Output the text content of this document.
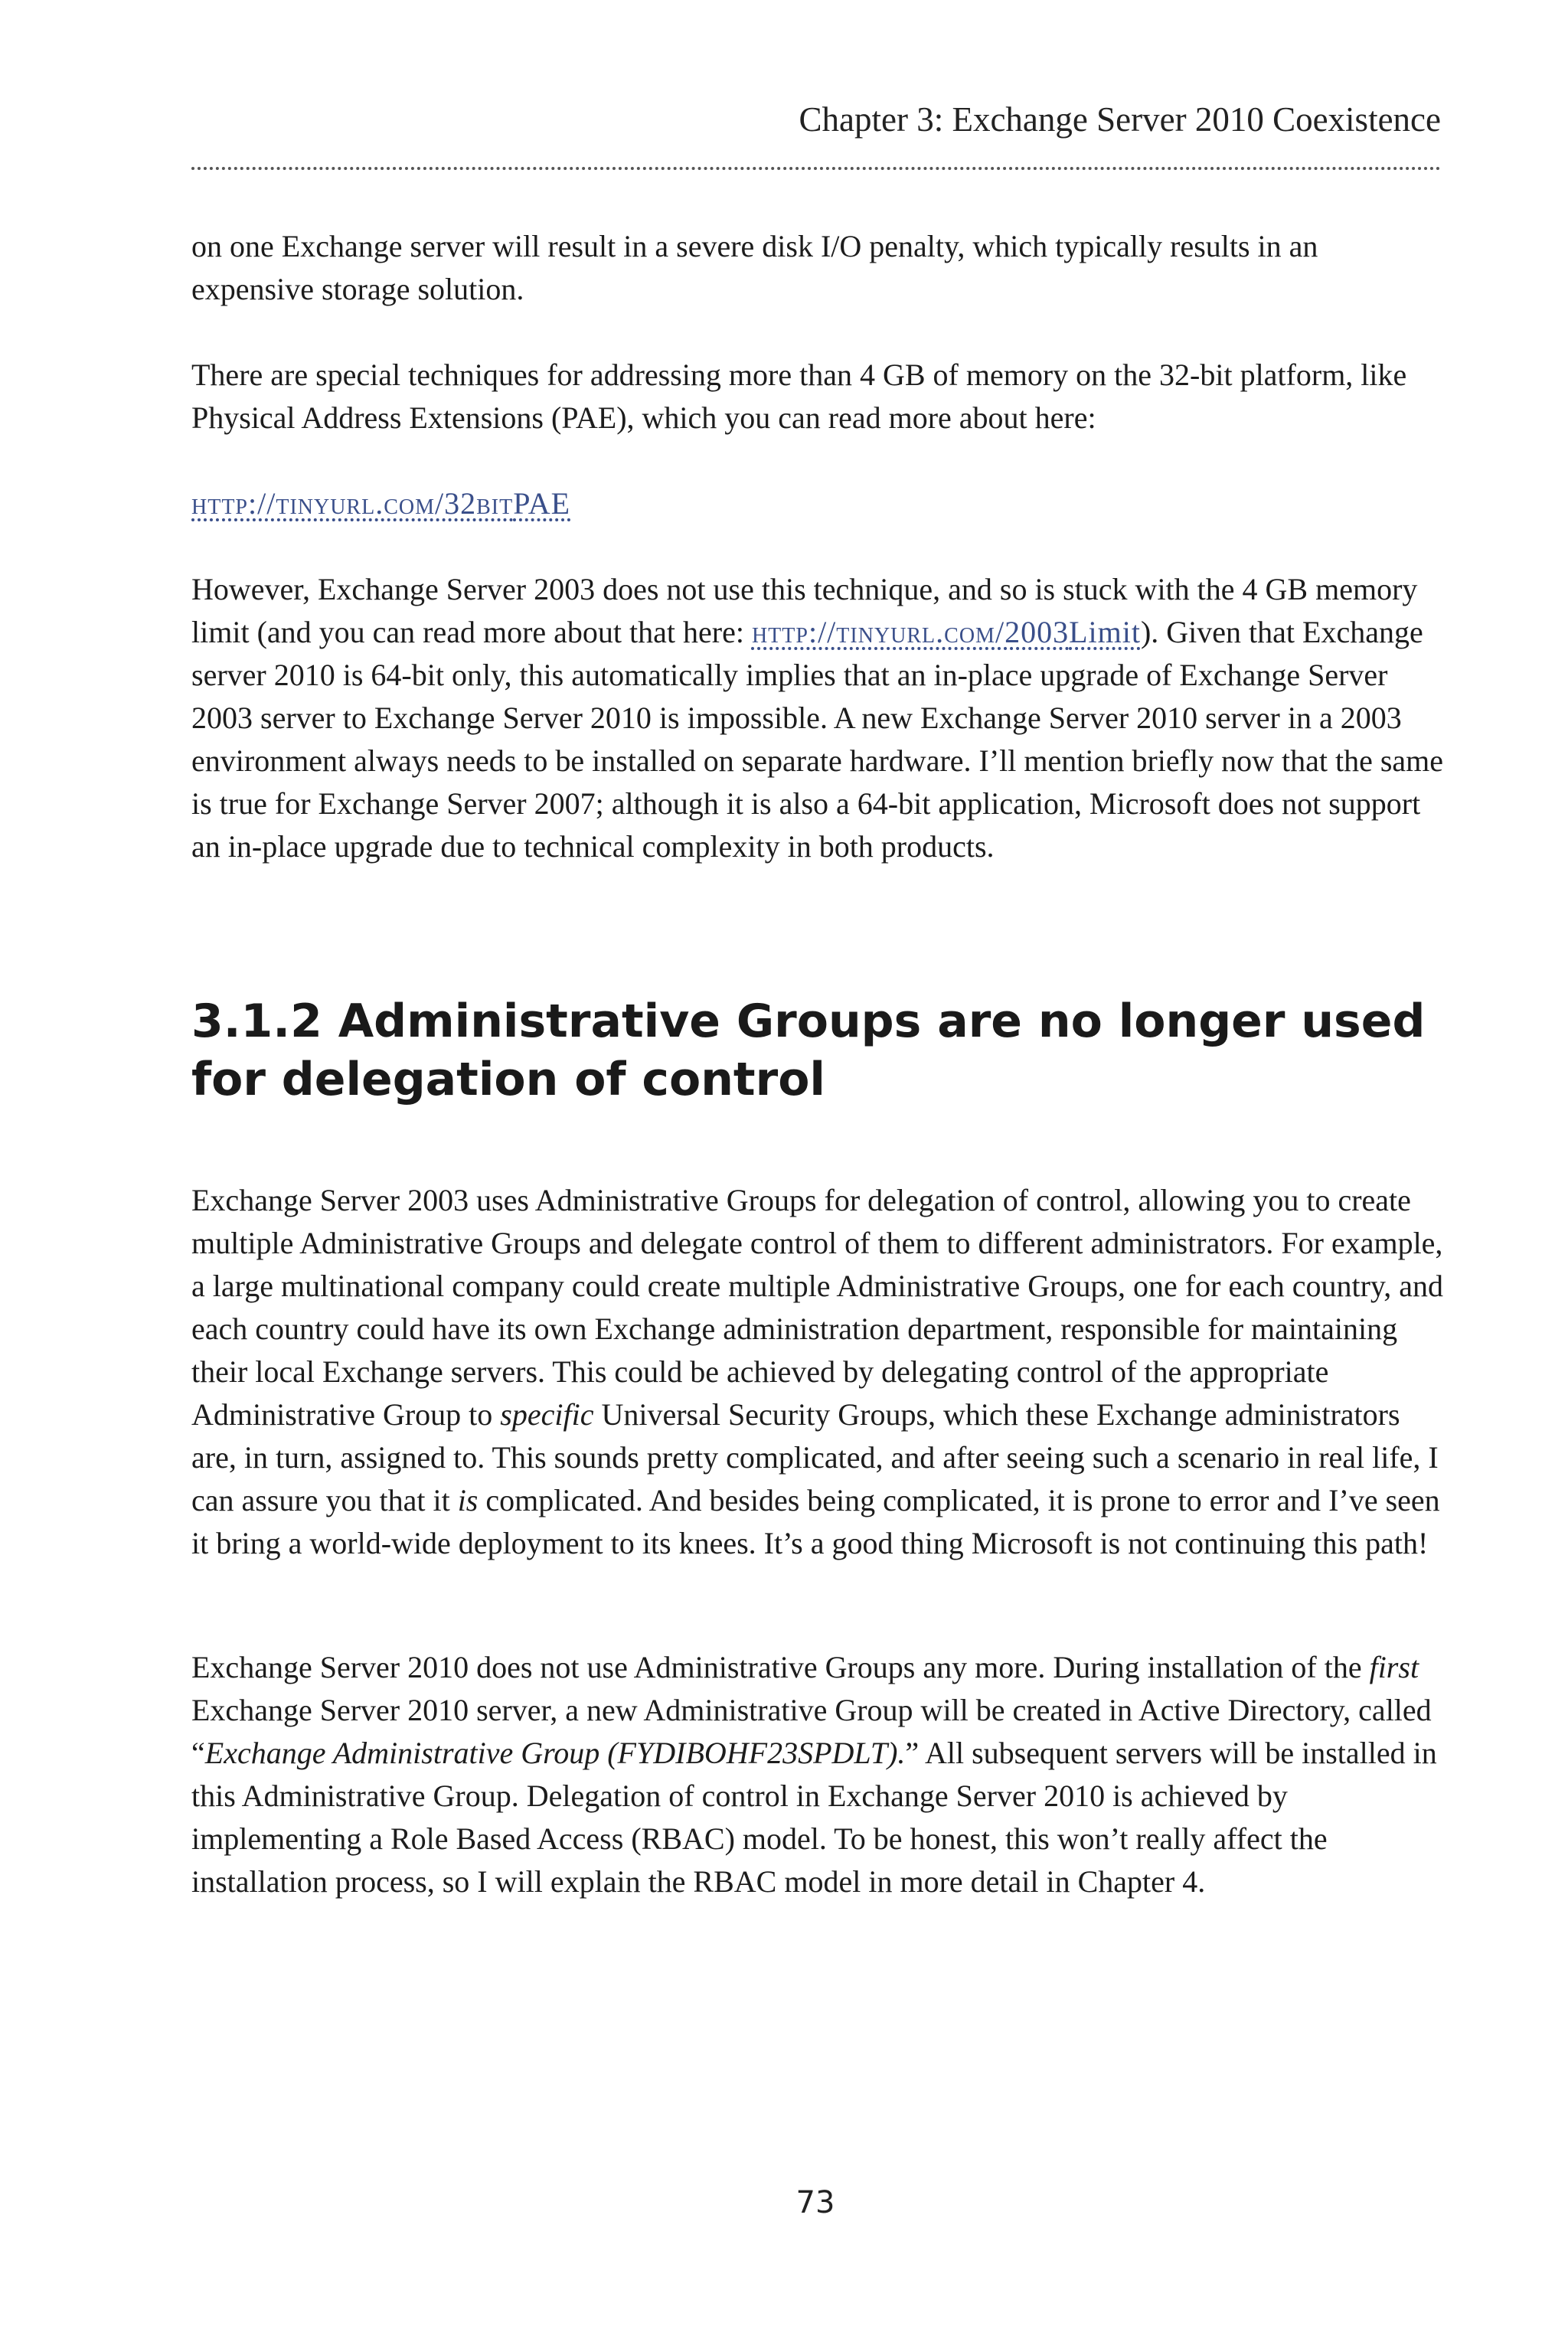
Chapter 3: Exchange Server 2010 Coexistence

on one Exchange server will result in a severe disk I/O penalty, which typically results in an expensive storage solution.

There are special techniques for addressing more than 4 GB of memory on the 32-bit platform, like Physical Address Extensions (PAE), which you can read more about here:

http://tinyurl.com/32bitPAE

However, Exchange Server 2003 does not use this technique, and so is stuck with the 4 GB memory limit (and you can read more about that here: http://tinyurl.com/2003Limit). Given that Exchange server 2010 is 64-bit only, this automatically implies that an in-place upgrade of Exchange Server 2003 server to Exchange Server 2010 is impossible. A new Exchange Server 2010 server in a 2003 environment always needs to be installed on separate hardware. I’ll mention briefly now that the same is true for Exchange Server 2007; although it is also a 64-bit application, Microsoft does not support an in-place upgrade due to technical complexity in both products.

3.1.2 Administrative Groups are no longer used for delegation of control

Exchange Server 2003 uses Administrative Groups for delegation of control, allowing you to create multiple Administrative Groups and delegate control of them to different administrators. For example, a large multinational company could create multiple Administrative Groups, one for each country, and each country could have its own Exchange administration department, responsible for maintaining their local Exchange servers. This could be achieved by delegating control of the appropriate Administrative Group to specific Universal Security Groups, which these Exchange administrators are, in turn, assigned to. This sounds pretty complicated, and after seeing such a scenario in real life, I can assure you that it is complicated. And besides being complicated, it is prone to error and I’ve seen it bring a world-wide deployment to its knees. It’s a good thing Microsoft is not continuing this path!

Exchange Server 2010 does not use Administrative Groups any more. During installation of the first Exchange Server 2010 server, a new Administrative Group will be created in Active Directory, called “Exchange Administrative Group (FYDIBOHF23SPDLT).” All subsequent servers will be installed in this Administrative Group. Delegation of control in Exchange Server 2010 is achieved by implementing a Role Based Access (RBAC) model. To be honest, this won’t really affect the installation process, so I will explain the RBAC model in more detail in Chapter 4.

73
